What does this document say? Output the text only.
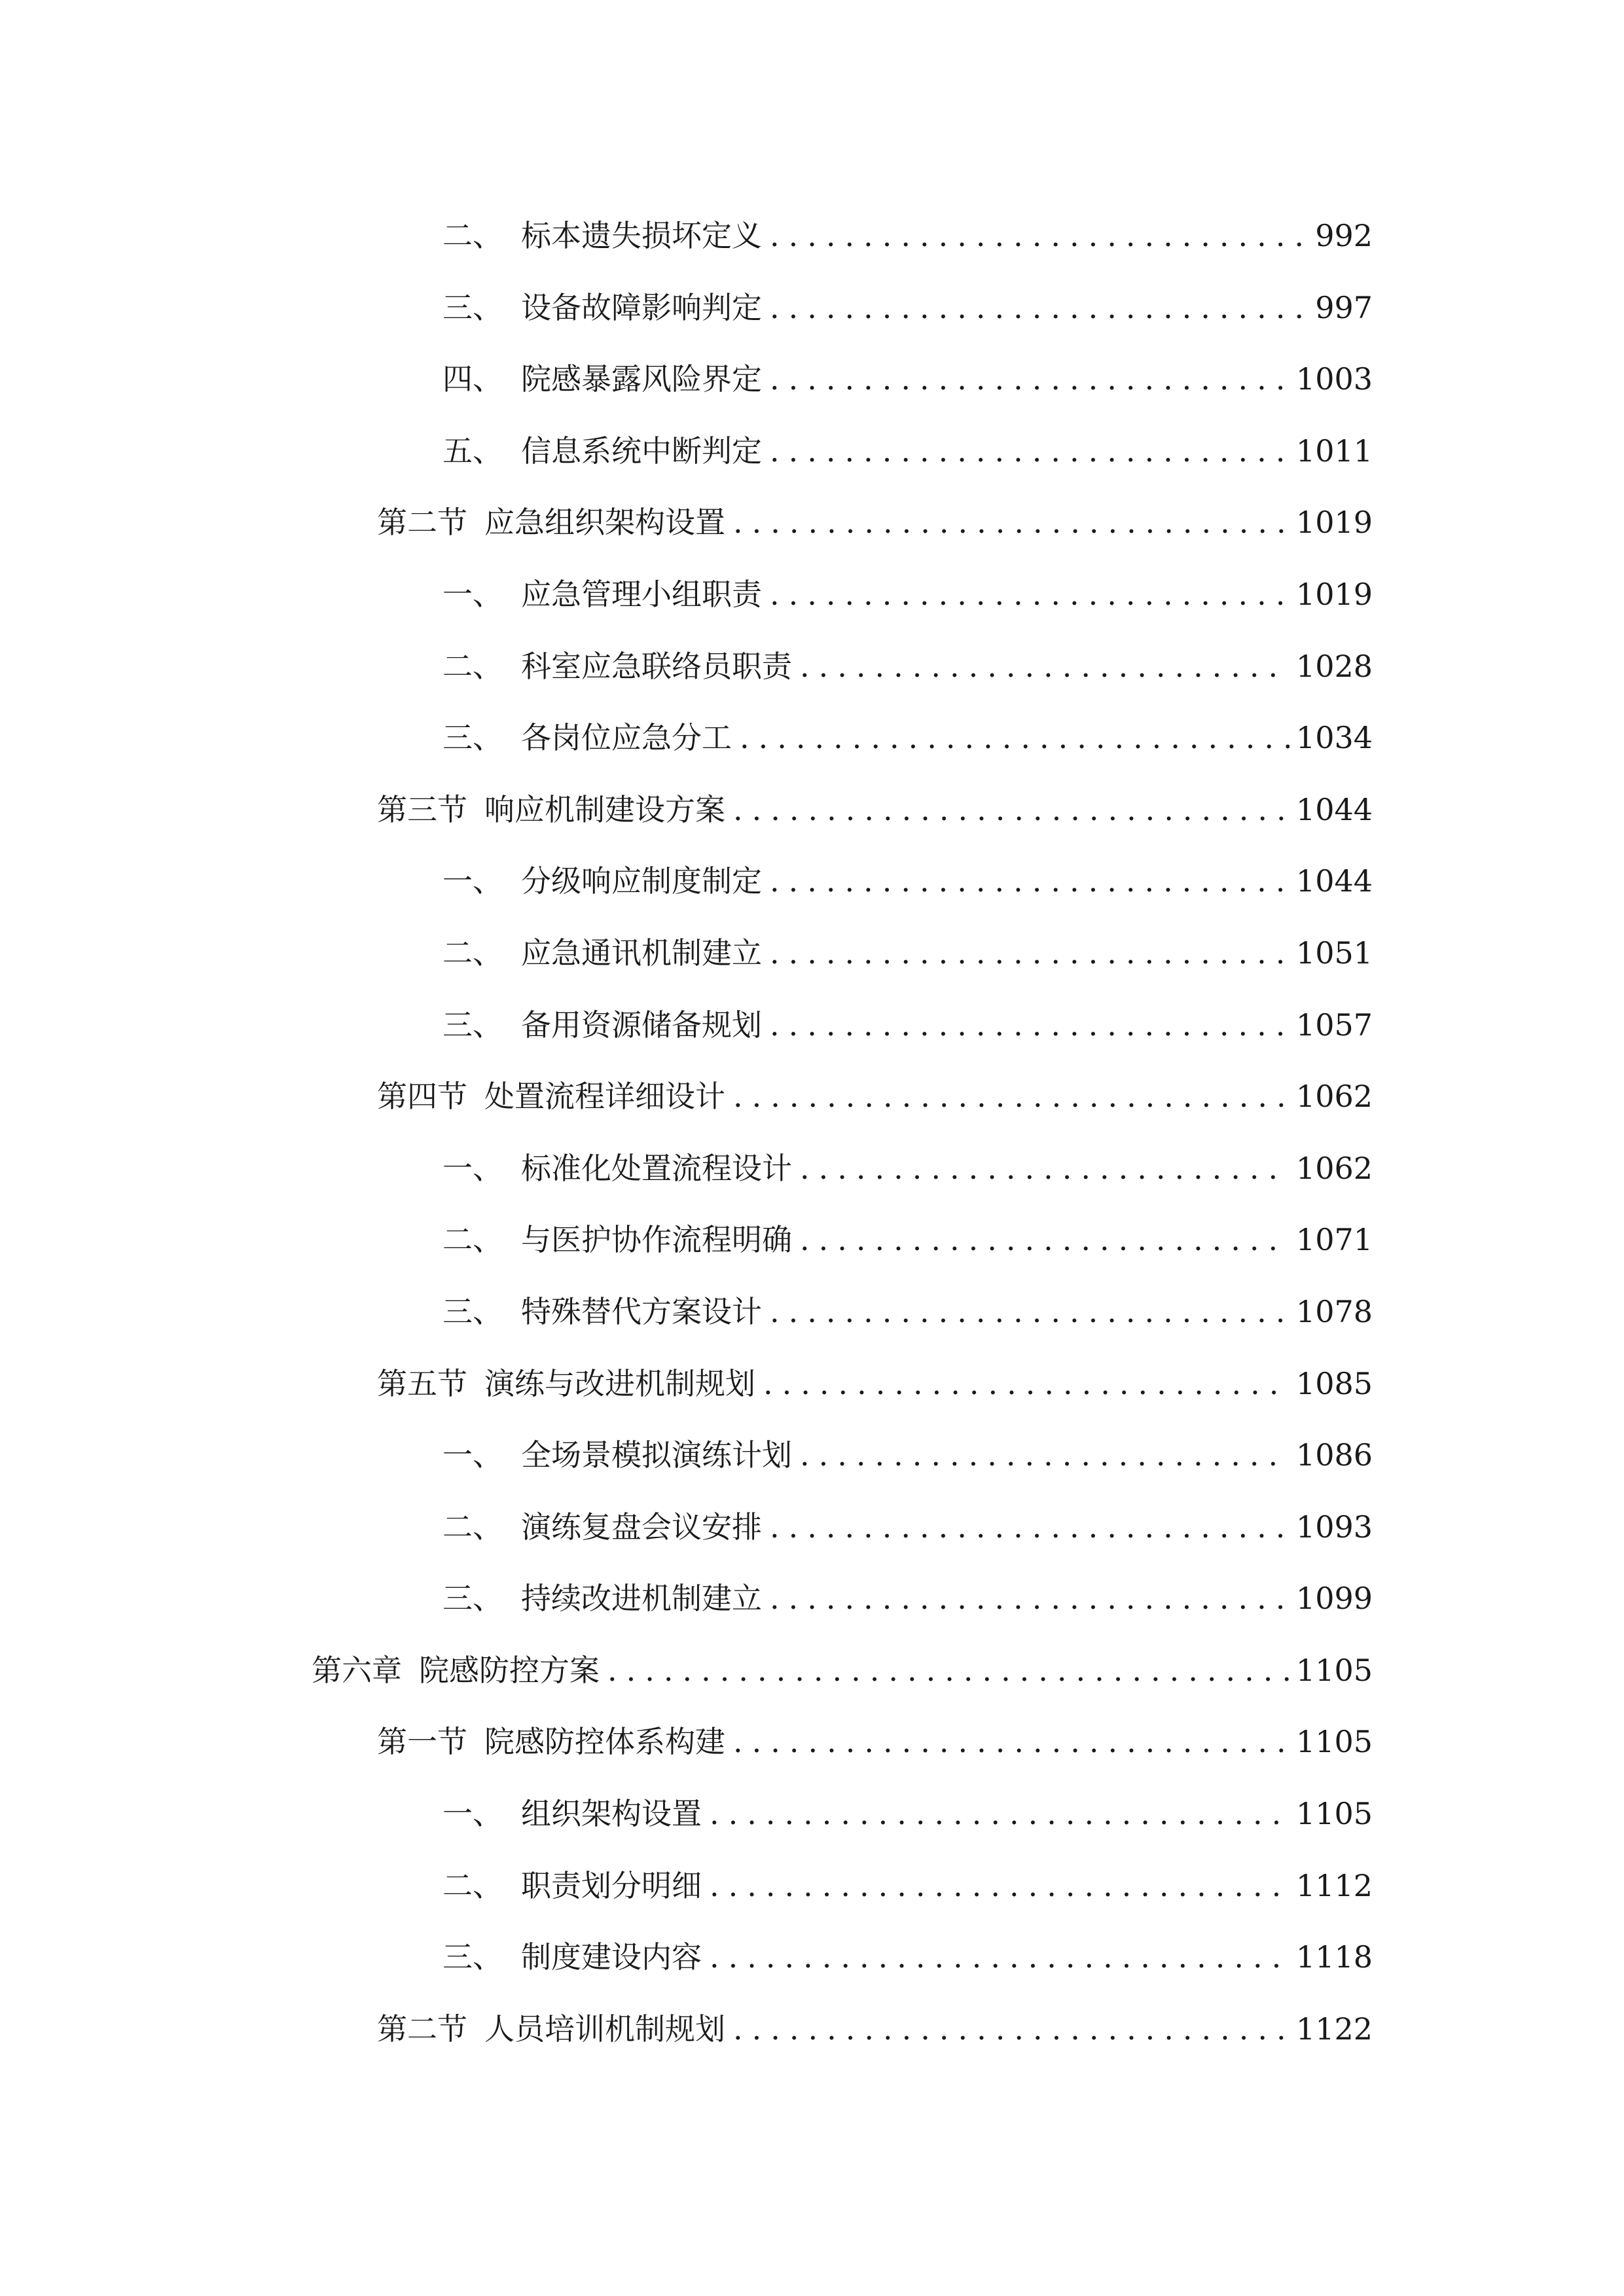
二、 标本遗失损坏定义 .....	992
三、 设备故障影响判定 .....	997
四、 院感暴露风险界定 .....	1003
五、 信息系统中断判定 .....	1011
第二节 应急组织架构设置 .....	1019
一、 应急管理小组职责 .....	1019
二、 科室应急联络员职责 .....	1028
三、 各岗位应急分工 .....	1034
第三节 响应机制建设方案 .....	1044
一、 分级响应制度制定 .....	1044
二、 应急通讯机制建立 .....	1051
三、 备用资源储备规划 .....	1057
第四节 处置流程详细设计 .....	1062
一、 标准化处置流程设计 .....	1062
二、 与医护协作流程明确 .....	1071
三、 特殊替代方案设计 .....	1078
第五节 演练与改进机制规划 .....	1085
一、 全场景模拟演练计划 .....	1086
二、 演练复盘会议安排 .....	1093
三、 持续改进机制建立 .....	1099
第六章 院感防控方案 .....	1105
第一节 院感防控体系构建 .....	1105
一、 组织架构设置 .....	1105
二、 职责划分明细 .....	1112
三、 制度建设内容 .....	1118
第二节 人员培训机制规划 .....	1122
